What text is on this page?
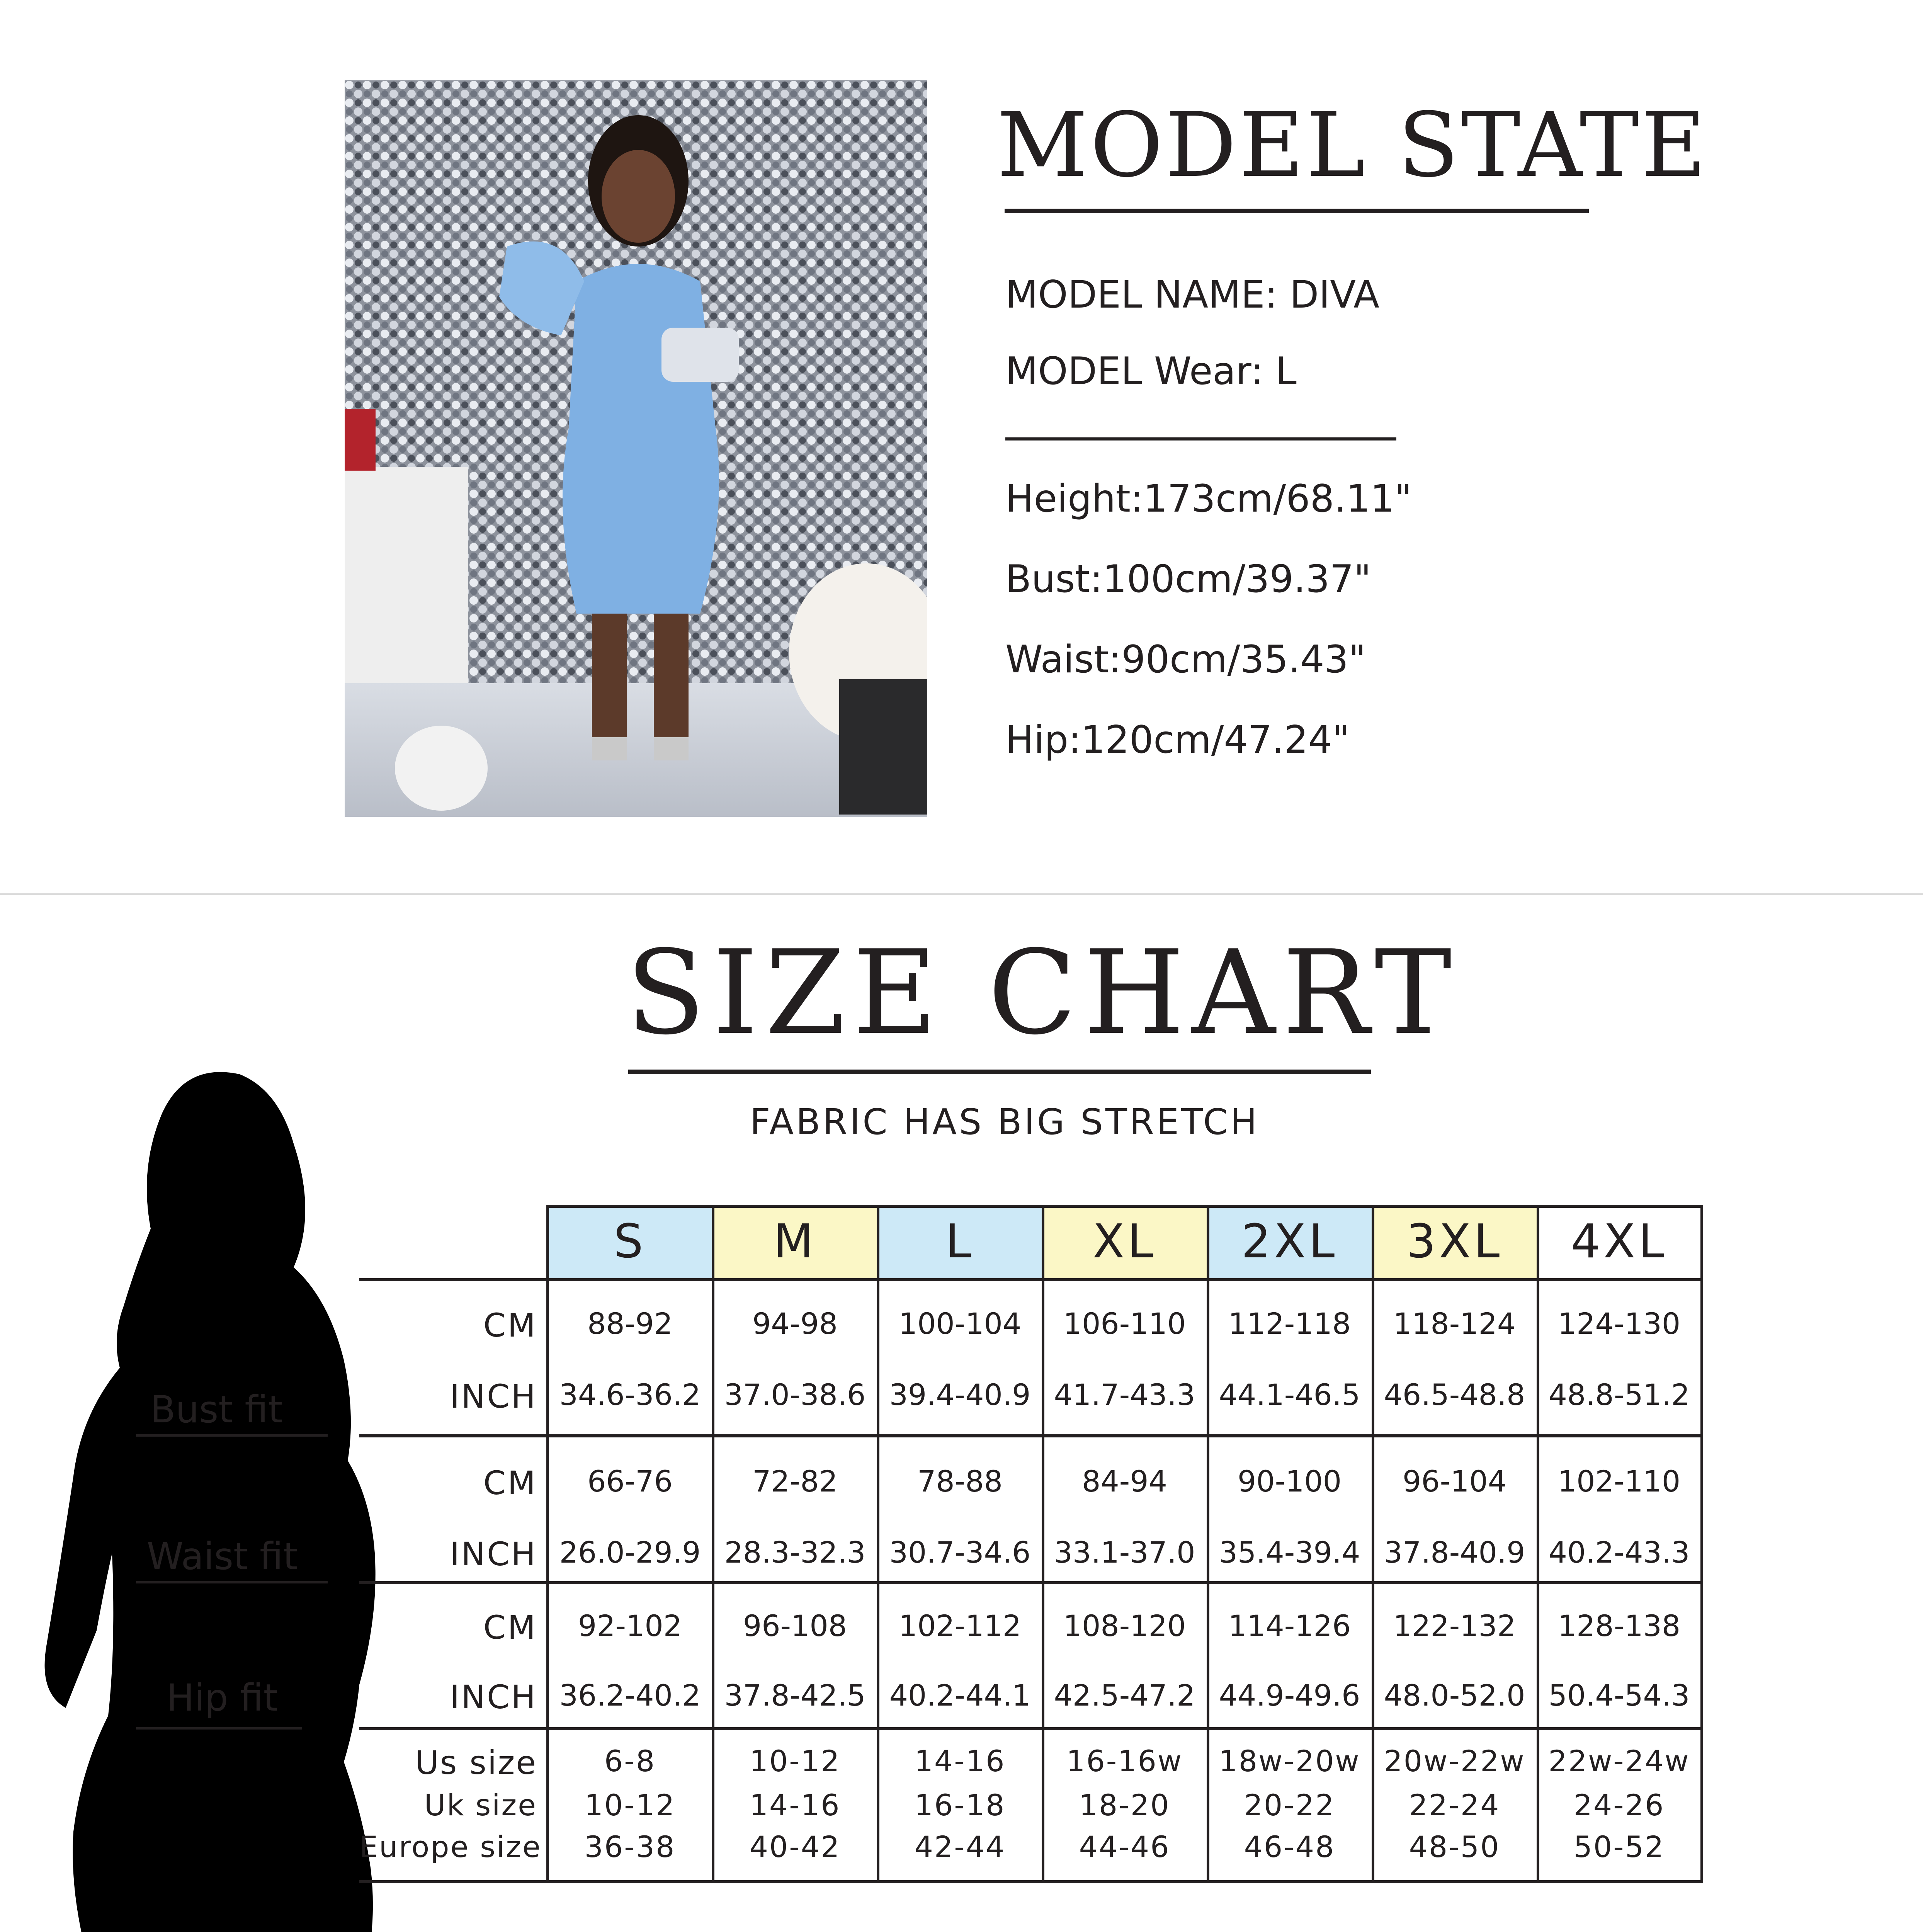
MODEL STATE
MODEL NAME: DIVA
MODEL Wear: L
Height:173cm/68.11"
Bust:100cm/39.37"
Waist:90cm/35.43"
Hip:120cm/47.24"
SIZE CHART
FABRIC HAS BIG STRETCH
Bust fit
Waist fit
Hip fit
S	M	L	XL	2XL	3XL	4XL
CM	88-92	94-98	100-104	106-110	112-118	118-124	124-130
INCH 34.6-36.2 37.0-38.6 39.4-40.9 41.7-43.3 44.1-46.5 46.5-48.8 48.8-51.2
CM	66-76	72-82	78-88	84-94	90-100	96-104	102-110
INCH 26.0-29.9 28.3-32.3 30.7-34.6 33.1-37.0 35.4-39.4 37.8-40.9 40.2-43.3
CM	92-102	96-108	102-112	108-120	114-126	122-132	128-138
INCH 36.2-40.2 37.8-42.5 40.2-44.1 42.5-47.2 44.9-49.6 48.0-52.0 50.4-54.3
Us size	6-8	10-12	14-16	16-16w	18w-20w 20w-22w 22w-24w
Uk size	10-12	14-16	16-18	18-20	20-22	22-24	24-26
Europe size	36-38	40-42	42-44	44-46	46-48	48-50	50-52
